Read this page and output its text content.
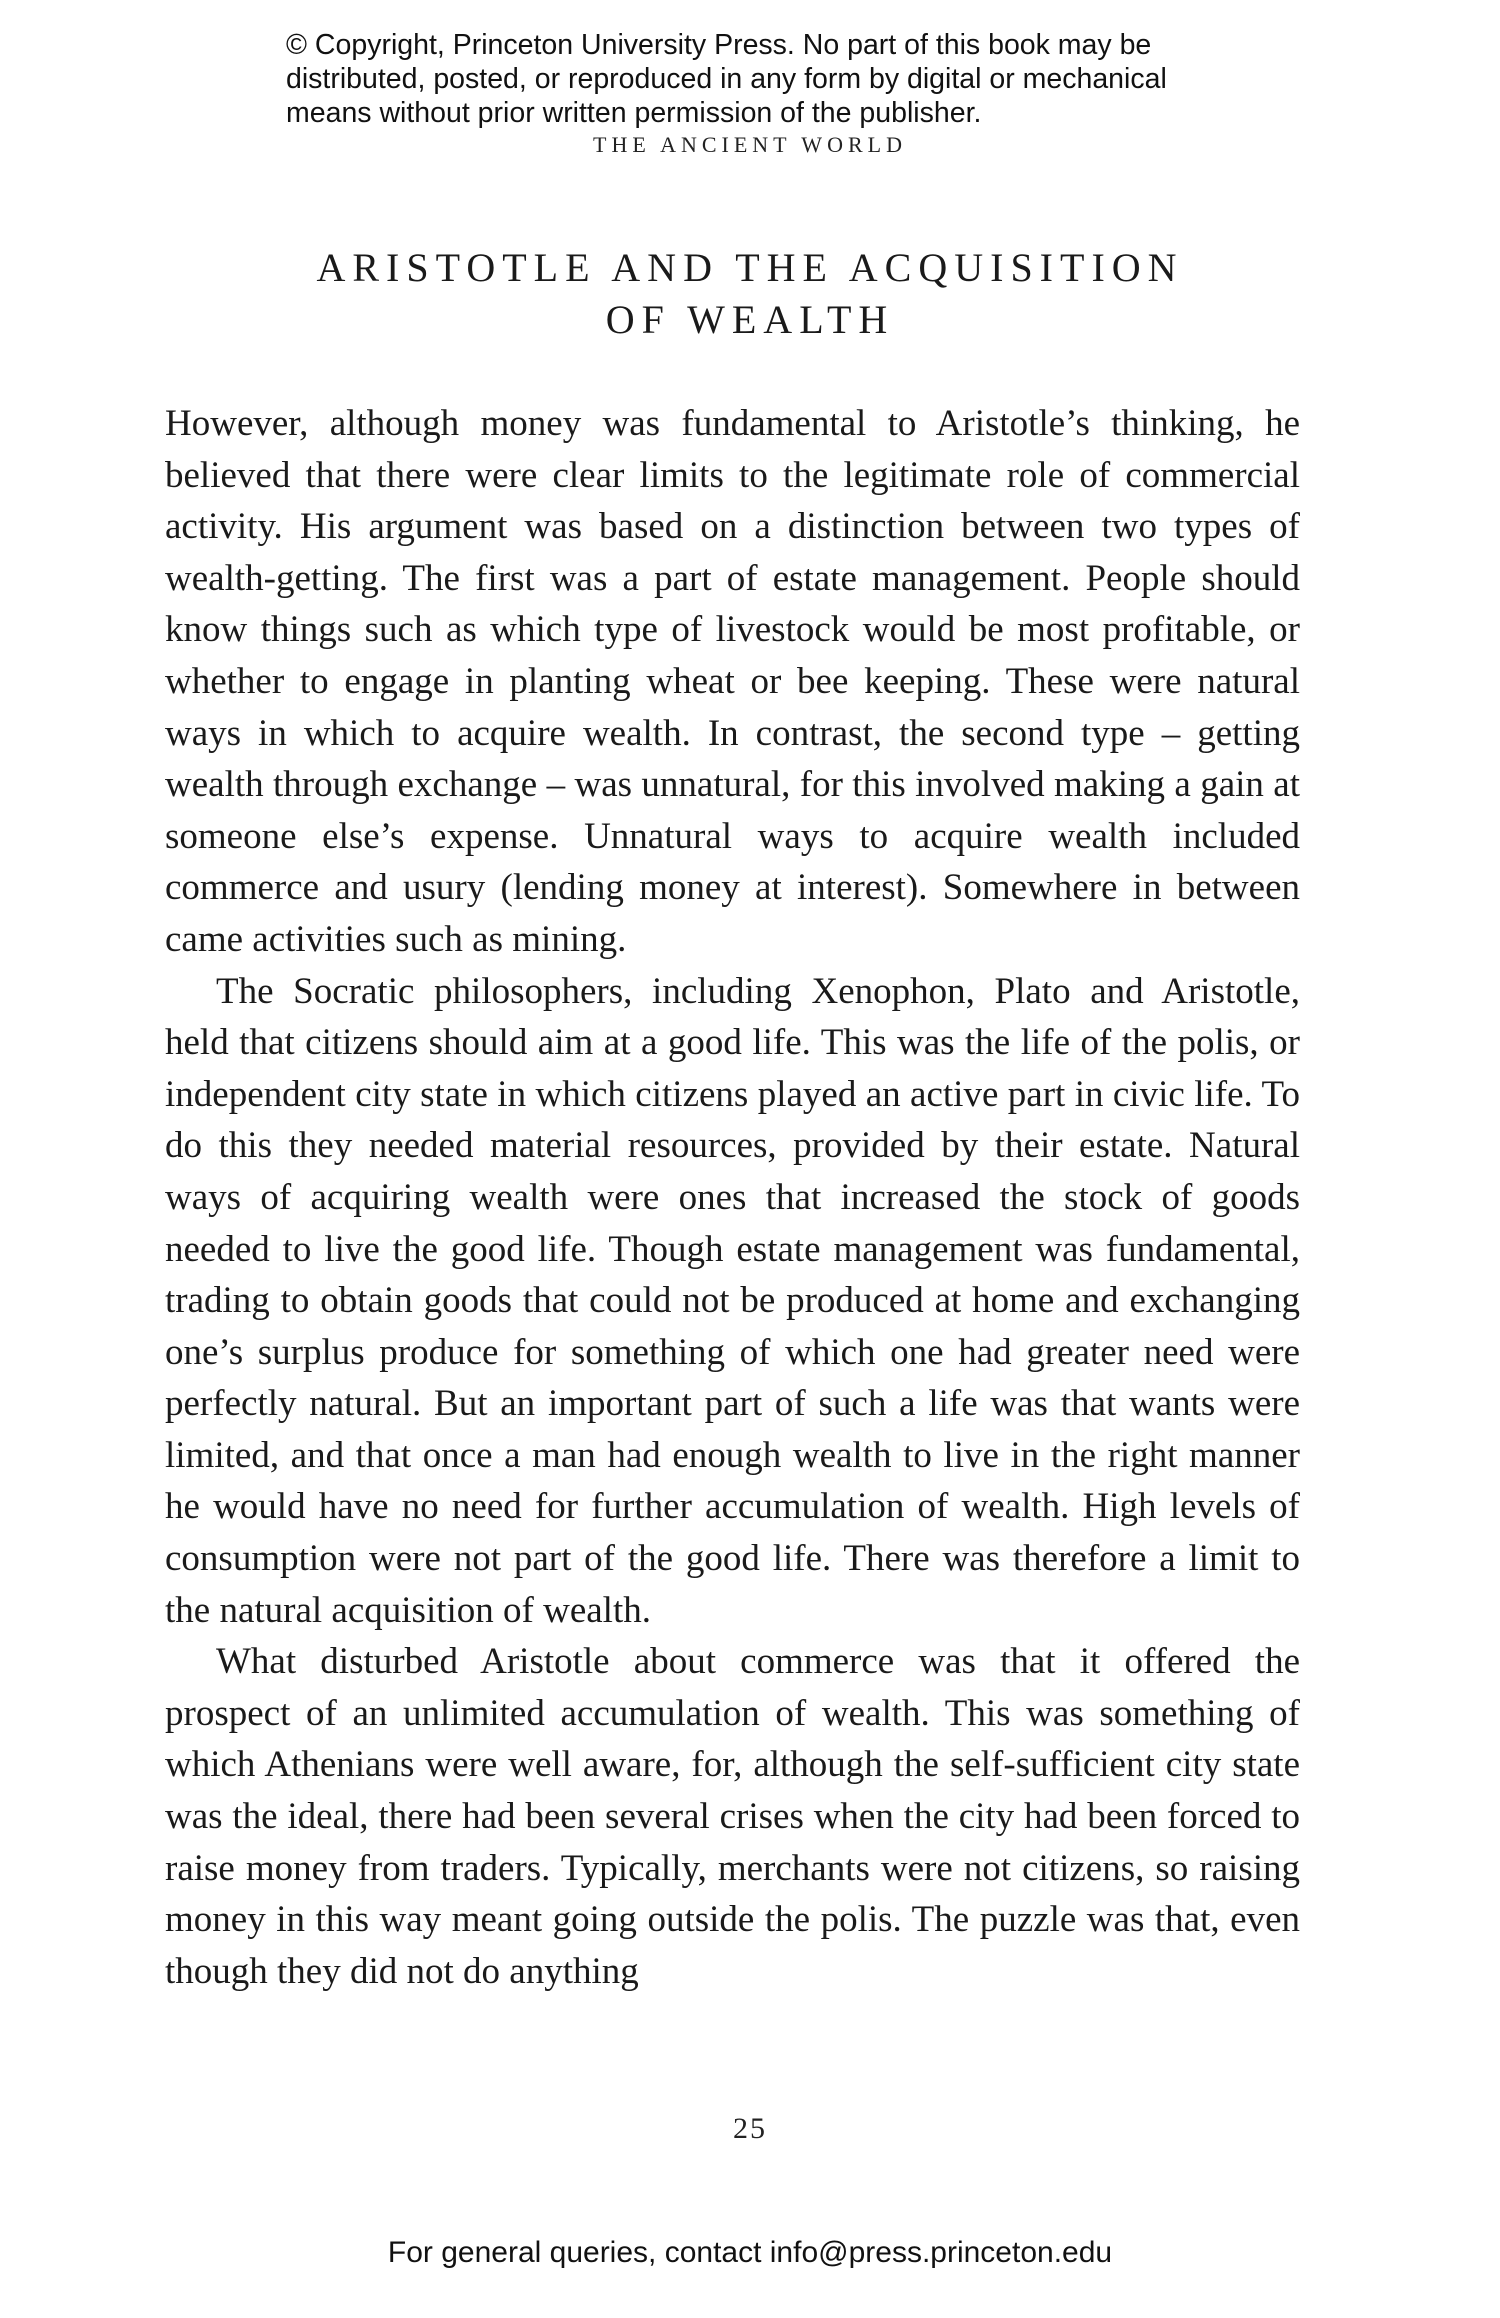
© Copyright, Princeton University Press. No part of this book may be
distributed, posted, or reproduced in any form by digital or mechanical
means without prior written permission of the publisher.
THE ANCIENT WORLD
ARISTOTLE AND THE ACQUISITION
OF WEALTH

However, although money was fundamental to Aristotle’s thinking, he believed that there were clear limits to the legitimate role of commercial activity. His argument was based on a distinction between two types of wealth-getting. The first was a part of estate management. People should know things such as which type of livestock would be most profitable, or whether to engage in planting wheat or bee keeping. These were natural ways in which to acquire wealth. In contrast, the second type – getting wealth through exchange – was unnatural, for this involved making a gain at someone else’s expense. Unnatural ways to acquire wealth included commerce and usury (lending money at interest). Somewhere in between came activities such as mining.

The Socratic philosophers, including Xenophon, Plato and Aristotle, held that citizens should aim at a good life. This was the life of the polis, or independent city state in which citizens played an active part in civic life. To do this they needed material resources, provided by their estate. Natural ways of acquiring wealth were ones that increased the stock of goods needed to live the good life. Though estate management was fundamental, trading to obtain goods that could not be produced at home and exchanging one’s surplus produce for something of which one had greater need were perfectly natural. But an important part of such a life was that wants were limited, and that once a man had enough wealth to live in the right manner he would have no need for further accumulation of wealth. High levels of consumption were not part of the good life. There was therefore a limit to the natural acquisition of wealth.

What disturbed Aristotle about commerce was that it offered the prospect of an unlimited accumulation of wealth. This was something of which Athenians were well aware, for, although the self-sufficient city state was the ideal, there had been several crises when the city had been forced to raise money from traders. Typically, merchants were not citizens, so raising money in this way meant going outside the polis. The puzzle was that, even though they did not do anything

25
For general queries, contact info@press.princeton.edu
